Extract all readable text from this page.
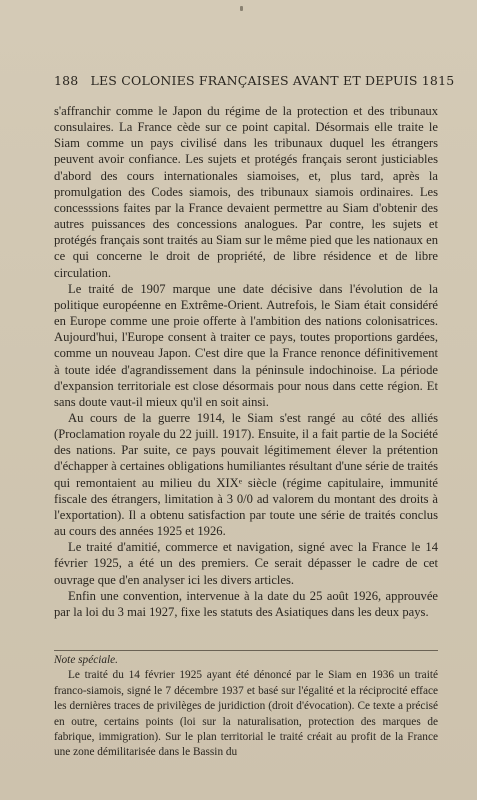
188 LES COLONIES FRANÇAISES AVANT ET DEPUIS 1815

s'affranchir comme le Japon du régime de la protection et des tribunaux consulaires. La France cède sur ce point capital. Désormais elle traite le Siam comme un pays civilisé dans les tribunaux duquel les étrangers peuvent avoir confiance. Les sujets et protégés français seront justiciables d'abord des cours internationales siamoises, et, plus tard, après la promulgation des Codes siamois, des tribunaux siamois ordinaires. Les concesssions faites par la France devaient permettre au Siam d'obtenir des autres puissances des concessions analogues. Par contre, les sujets et protégés français sont traités au Siam sur le même pied que les nationaux en ce qui concerne le droit de propriété, de libre résidence et de libre circulation.

Le traité de 1907 marque une date décisive dans l'évolution de la politique européenne en Extrême-Orient. Autrefois, le Siam était considéré en Europe comme une proie offerte à l'ambition des nations colonisatrices. Aujourd'hui, l'Europe consent à traiter ce pays, toutes proportions gardées, comme un nouveau Japon. C'est dire que la France renonce définitivement à toute idée d'agrandissement dans la péninsule indochinoise. La période d'expansion territoriale est close désormais pour nous dans cette région. Et sans doute vaut-il mieux qu'il en soit ainsi.

Au cours de la guerre 1914, le Siam s'est rangé au côté des alliés (Proclamation royale du 22 juill. 1917). Ensuite, il a fait partie de la Société des nations. Par suite, ce pays pouvait légitimement élever la prétention d'échapper à certaines obligations humiliantes résultant d'une série de traités qui remontaient au milieu du XIXᵉ siècle (régime capitulaire, immunité fiscale des étrangers, limitation à 3 0/0 ad valorem du montant des droits à l'exportation). Il a obtenu satisfaction par toute une série de traités conclus au cours des années 1925 et 1926.

Le traité d'amitié, commerce et navigation, signé avec la France le 14 février 1925, a été un des premiers. Ce serait dépasser le cadre de cet ouvrage que d'en analyser ici les divers articles.

Enfin une convention, intervenue à la date du 25 août 1926, approuvée par la loi du 3 mai 1927, fixe les statuts des Asiatiques dans les deux pays.

Note spéciale.

Le traité du 14 février 1925 ayant été dénoncé par le Siam en 1936 un traité franco-siamois, signé le 7 décembre 1937 et basé sur l'égalité et la réciprocité efface les dernières traces de privilèges de juridiction (droit d'évocation). Ce texte a précisé en outre, certains points (loi sur la naturalisation, protection des marques de fabrique, immigration). Sur le plan territorial le traité créait au profit de la France une zone démilitarisée dans le Bassin du
